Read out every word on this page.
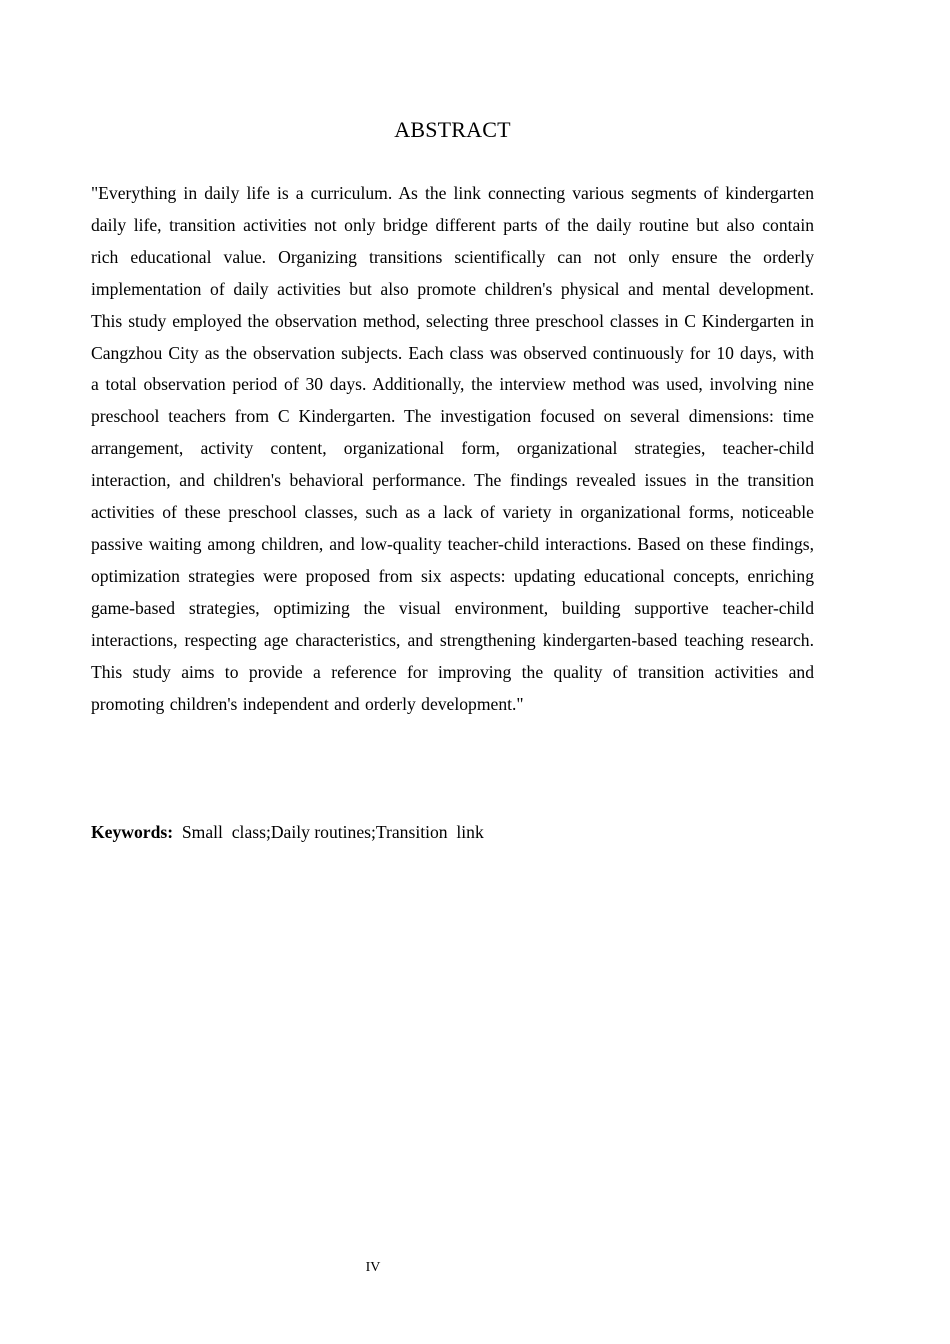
ABSTRACT
"Everything in daily life is a curriculum. As the link connecting various segments of kindergarten daily life, transition activities not only bridge different parts of the daily routine but also contain rich educational value. Organizing transitions scientifically can not only ensure the orderly implementation of daily activities but also promote children's physical and mental development. This study employed the observation method, selecting three preschool classes in C Kindergarten in Cangzhou City as the observation subjects. Each class was observed continuously for 10 days, with a total observation period of 30 days. Additionally, the interview method was used, involving nine preschool teachers from C Kindergarten. The investigation focused on several dimensions: time arrangement, activity content, organizational form, organizational strategies, teacher-child interaction, and children's behavioral performance. The findings revealed issues in the transition activities of these preschool classes, such as a lack of variety in organizational forms, noticeable passive waiting among children, and low-quality teacher-child interactions. Based on these findings, optimization strategies were proposed from six aspects: updating educational concepts, enriching game-based strategies, optimizing the visual environment, building supportive teacher-child interactions, respecting age characteristics, and strengthening kindergarten-based teaching research. This study aims to provide a reference for improving the quality of transition activities and promoting children's independent and orderly development."
Keywords:  Small  class;Daily routines;Transition  link
IV
